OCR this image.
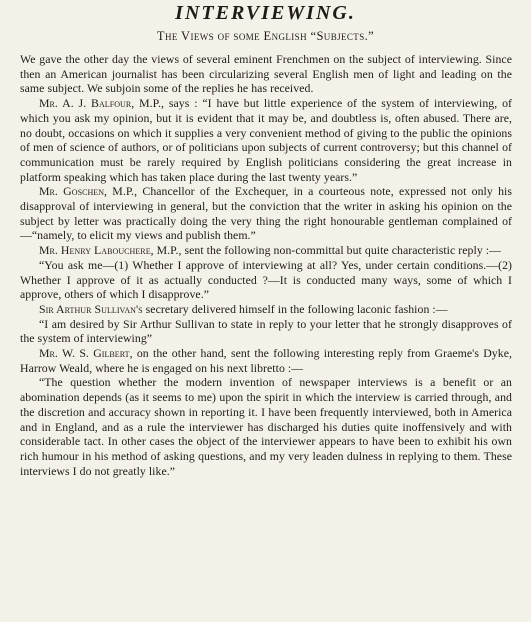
INTERVIEWING.
The Views of some English “Subjects.”

We gave the other day the views of several eminent Frenchmen on the subject of interviewing. Since then an American journalist has been circularizing several English men of light and leading on the same subject. We subjoin some of the replies he has received.

Mr. A. J. Balfour, M.P., says : “I have but little experience of the system of interviewing, of which you ask my opinion, but it is evident that it may be, and doubtless is, often abused. There are, no doubt, occasions on which it supplies a very convenient method of giving to the public the opinions of men of science of authors, or of politicians upon subjects of current controversy; but this channel of communication must be rarely required by English politicians considering the great increase in platform speaking which has taken place during the last twenty years.”

Mr. Goschen, M.P., Chancellor of the Exchequer, in a courteous note, expressed not only his disapproval of interviewing in general, but the conviction that the writer in asking his opinion on the subject by letter was practically doing the very thing the right honourable gentleman complained of—“namely, to elicit my views and publish them.”

Mr. Henry Labouchere, M.P., sent the following non-committal but quite characteristic reply :—

“You ask me—(1) Whether I approve of interviewing at all? Yes, under certain conditions.—(2) Whether I approve of it as actually conducted ?—It is conducted many ways, some of which I approve, others of which I disapprove.”

Sir Arthur Sullivan's secretary delivered himself in the following laconic fashion :—

“I am desired by Sir Arthur Sullivan to state in reply to your letter that he strongly disapproves of the system of interviewing”

Mr. W. S. Gilbert, on the other hand, sent the following interesting reply from Graeme's Dyke, Harrow Weald, where he is engaged on his next libretto :—

“The question whether the modern invention of newspaper interviews is a benefit or an abomination depends (as it seems to me) upon the spirit in which the interview is carried through, and the discretion and accuracy shown in reporting it. I have been frequently interviewed, both in America and in England, and as a rule the interviewer has discharged his duties quite inoffensively and with considerable tact. In other cases the object of the interviewer appears to have been to exhibit his own rich humour in his method of asking questions, and my very leaden dulness in replying to them. These interviews I do not greatly like.”
